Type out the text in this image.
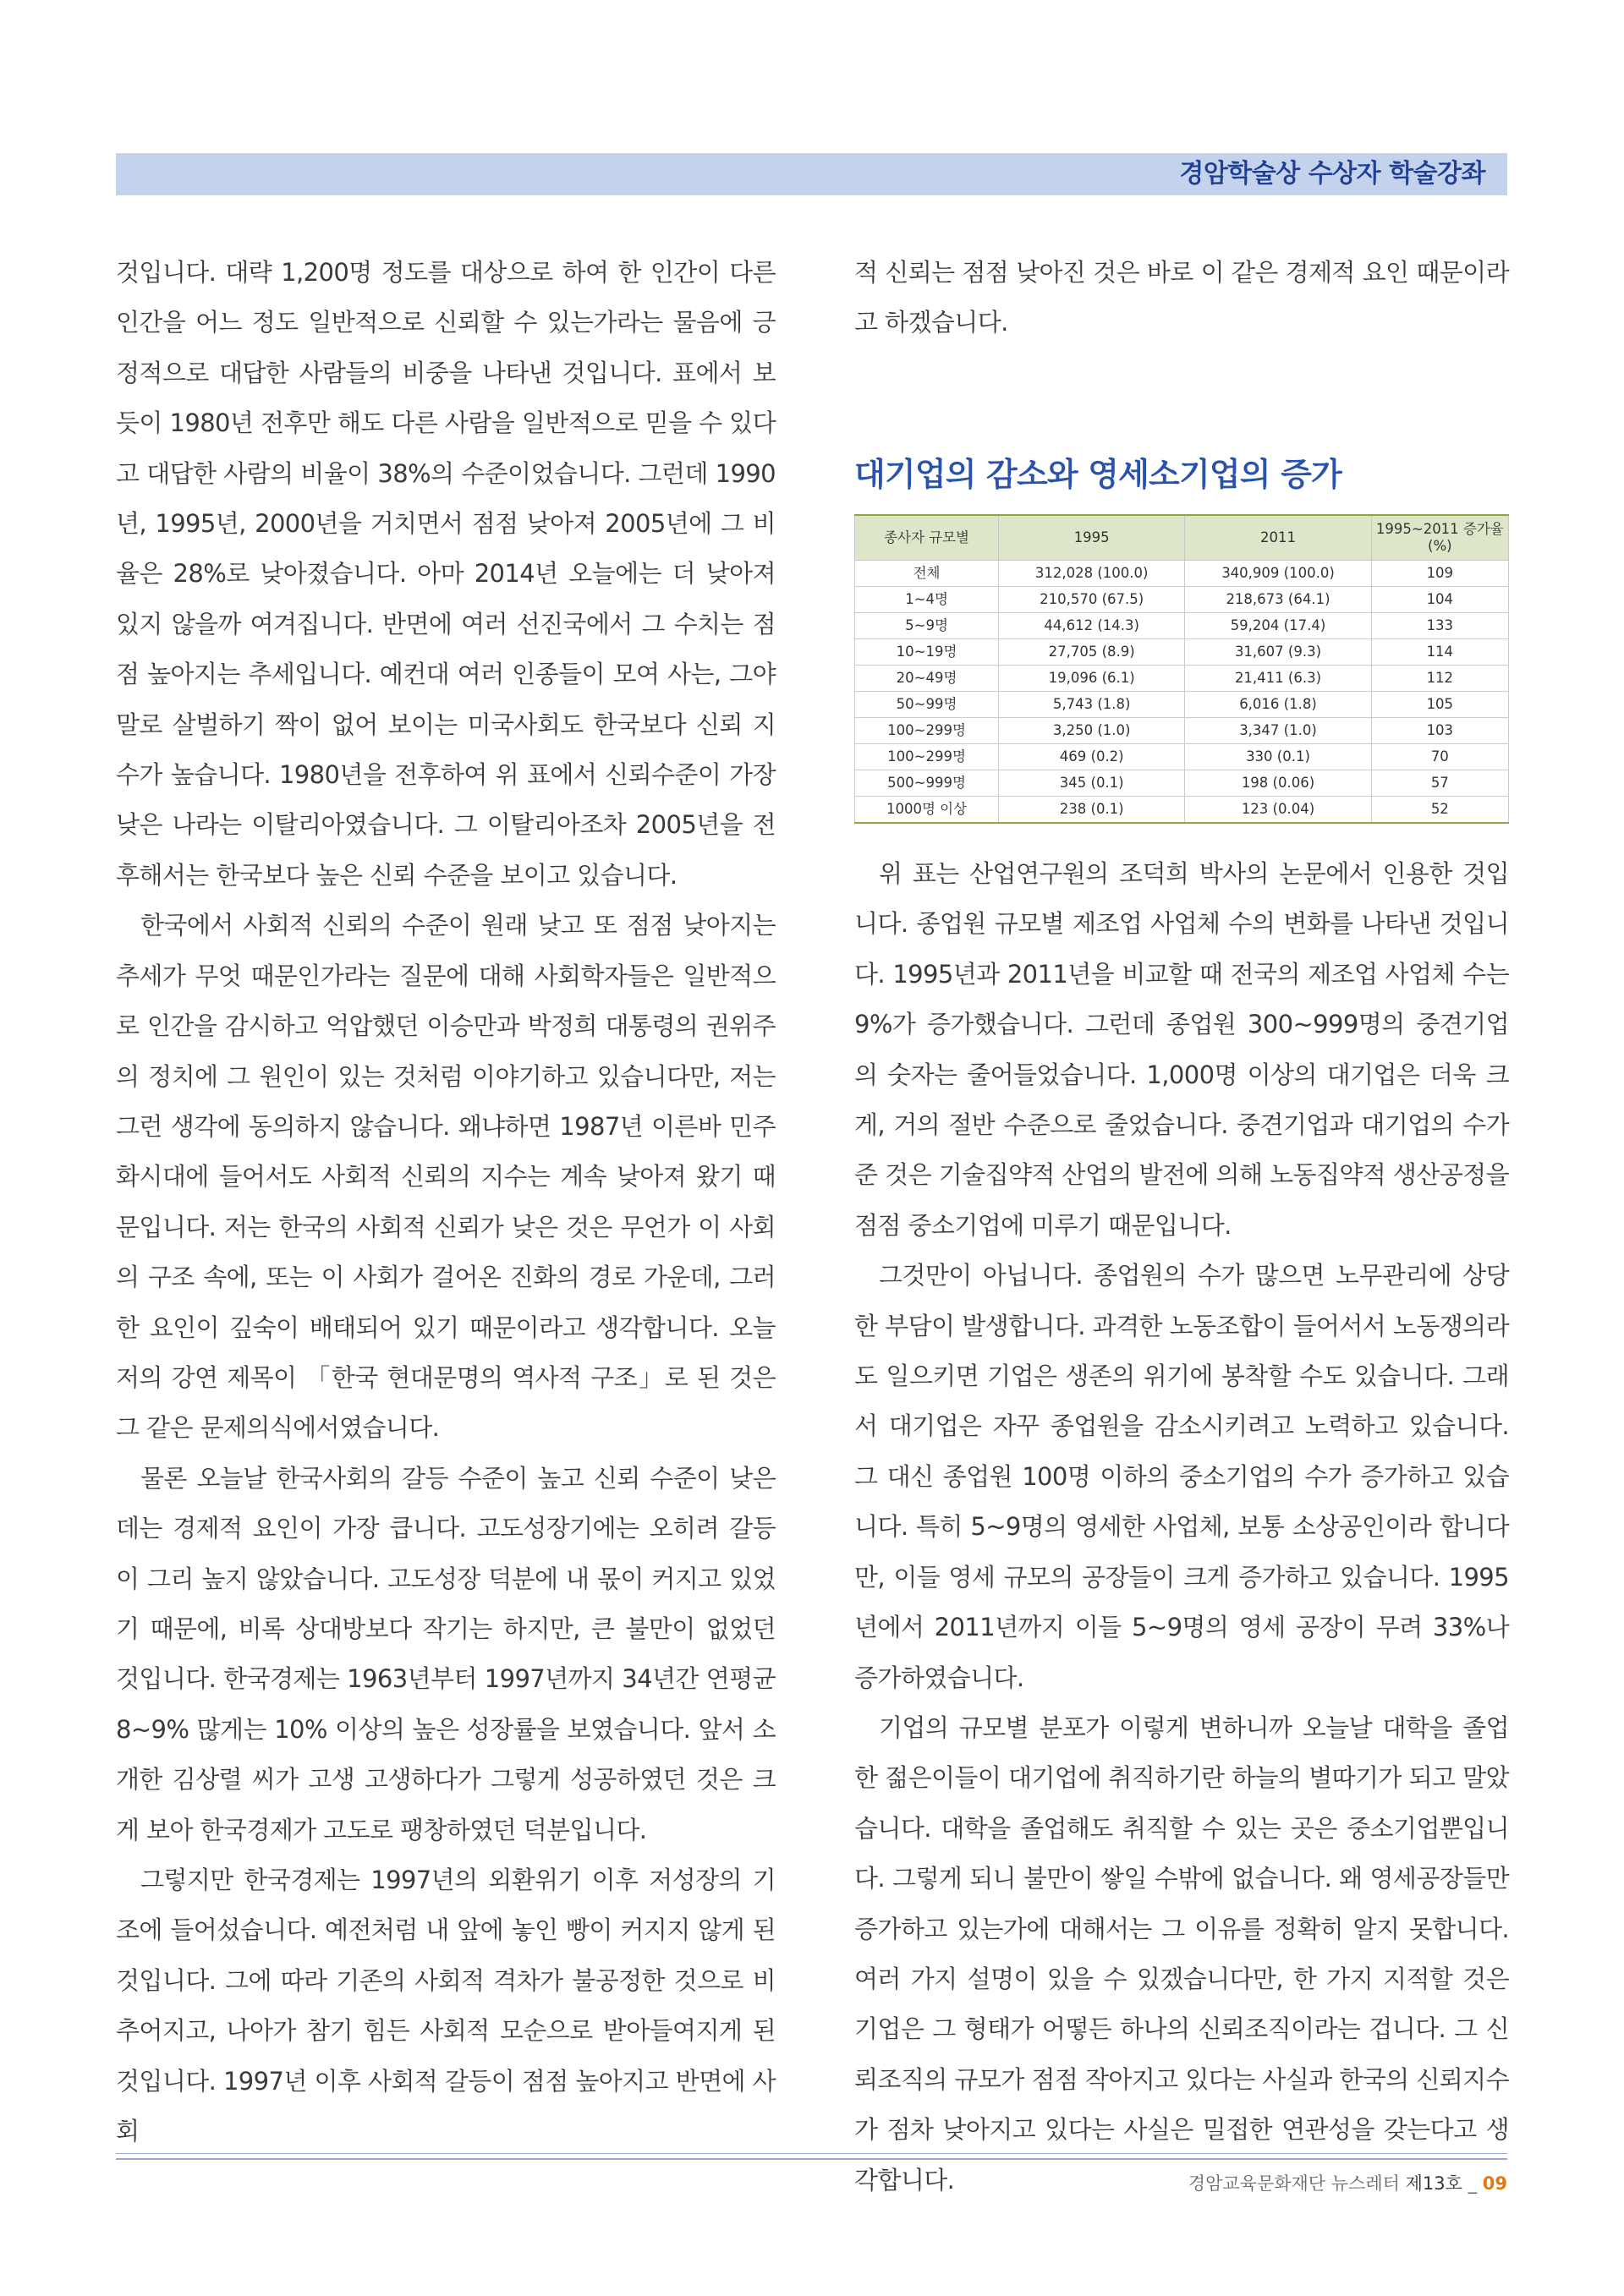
경암학술상 수상자 학술강좌

것입니다. 대략 1,200명 정도를 대상으로 하여 한 인간이 다른 인간을 어느 정도 일반적으로 신뢰할 수 있는가라는 물음에 긍정적으로 대답한 사람들의 비중을 나타낸 것입니다. 표에서 보듯이 1980년 전후만 해도 다른 사람을 일반적으로 믿을 수 있다고 대답한 사람의 비율이 38%의 수준이었습니다. 그런데 1990년, 1995년, 2000년을 거치면서 점점 낮아져 2005년에 그 비율은 28%로 낮아졌습니다. 아마 2014년 오늘에는 더 낮아져 있지 않을까 여겨집니다. 반면에 여러 선진국에서 그 수치는 점점 높아지는 추세입니다. 예컨대 여러 인종들이 모여 사는, 그야말로 살벌하기 짝이 없어 보이는 미국사회도 한국보다 신뢰 지수가 높습니다. 1980년을 전후하여 위 표에서 신뢰수준이 가장 낮은 나라는 이탈리아였습니다. 그 이탈리아조차 2005년을 전후해서는 한국보다 높은 신뢰 수준을 보이고 있습니다.

한국에서 사회적 신뢰의 수준이 원래 낮고 또 점점 낮아지는 추세가 무엇 때문인가라는 질문에 대해 사회학자들은 일반적으로 인간을 감시하고 억압했던 이승만과 박정희 대통령의 권위주의 정치에 그 원인이 있는 것처럼 이야기하고 있습니다만, 저는 그런 생각에 동의하지 않습니다. 왜냐하면 1987년 이른바 민주화시대에 들어서도 사회적 신뢰의 지수는 계속 낮아져 왔기 때문입니다. 저는 한국의 사회적 신뢰가 낮은 것은 무언가 이 사회의 구조 속에, 또는 이 사회가 걸어온 진화의 경로 가운데, 그러한 요인이 깊숙이 배태되어 있기 때문이라고 생각합니다. 오늘 저의 강연 제목이 「한국 현대문명의 역사적 구조」로 된 것은 그 같은 문제의식에서였습니다.

물론 오늘날 한국사회의 갈등 수준이 높고 신뢰 수준이 낮은 데는 경제적 요인이 가장 큽니다. 고도성장기에는 오히려 갈등이 그리 높지 않았습니다. 고도성장 덕분에 내 몫이 커지고 있었기 때문에, 비록 상대방보다 작기는 하지만, 큰 불만이 없었던 것입니다. 한국경제는 1963년부터 1997년까지 34년간 연평균 8~9% 많게는 10% 이상의 높은 성장률을 보였습니다. 앞서 소개한 김상렬 씨가 고생 고생하다가 그렇게 성공하였던 것은 크게 보아 한국경제가 고도로 팽창하였던 덕분입니다.

그렇지만 한국경제는 1997년의 외환위기 이후 저성장의 기조에 들어섰습니다. 예전처럼 내 앞에 놓인 빵이 커지지 않게 된 것입니다. 그에 따라 기존의 사회적 격차가 불공정한 것으로 비추어지고, 나아가 참기 힘든 사회적 모순으로 받아들여지게 된 것입니다. 1997년 이후 사회적 갈등이 점점 높아지고 반면에 사회

적 신뢰는 점점 낮아진 것은 바로 이 같은 경제적 요인 때문이라고 하겠습니다.

대기업의 감소와 영세소기업의 증가
종사자 규모별	1995	2011	1995~2011 증가율(%)
전체	312,028 (100.0)	340,909 (100.0)	109
1~4명	210,570 (67.5)	218,673 (64.1)	104
5~9명	44,612 (14.3)	59,204 (17.4)	133
10~19명	27,705 (8.9)	31,607 (9.3)	114
20~49명	19,096 (6.1)	21,411 (6.3)	112
50~99명	5,743 (1.8)	6,016 (1.8)	105
100~299명	3,250 (1.0)	3,347 (1.0)	103
100~299명	469 (0.2)	330 (0.1)	70
500~999명	345 (0.1)	198 (0.06)	57
1000명 이상	238 (0.1)	123 (0.04)	52

위 표는 산업연구원의 조덕희 박사의 논문에서 인용한 것입니다. 종업원 규모별 제조업 사업체 수의 변화를 나타낸 것입니다. 1995년과 2011년을 비교할 때 전국의 제조업 사업체 수는 9%가 증가했습니다. 그런데 종업원 300~999명의 중견기업의 숫자는 줄어들었습니다. 1,000명 이상의 대기업은 더욱 크게, 거의 절반 수준으로 줄었습니다. 중견기업과 대기업의 수가 준 것은 기술집약적 산업의 발전에 의해 노동집약적 생산공정을 점점 중소기업에 미루기 때문입니다.

그것만이 아닙니다. 종업원의 수가 많으면 노무관리에 상당한 부담이 발생합니다. 과격한 노동조합이 들어서서 노동쟁의라도 일으키면 기업은 생존의 위기에 봉착할 수도 있습니다. 그래서 대기업은 자꾸 종업원을 감소시키려고 노력하고 있습니다. 그 대신 종업원 100명 이하의 중소기업의 수가 증가하고 있습니다. 특히 5~9명의 영세한 사업체, 보통 소상공인이라 합니다만, 이들 영세 규모의 공장들이 크게 증가하고 있습니다. 1995년에서 2011년까지 이들 5~9명의 영세 공장이 무려 33%나 증가하였습니다.

기업의 규모별 분포가 이렇게 변하니까 오늘날 대학을 졸업한 젊은이들이 대기업에 취직하기란 하늘의 별따기가 되고 말았습니다. 대학을 졸업해도 취직할 수 있는 곳은 중소기업뿐입니다. 그렇게 되니 불만이 쌓일 수밖에 없습니다. 왜 영세공장들만 증가하고 있는가에 대해서는 그 이유를 정확히 알지 못합니다. 여러 가지 설명이 있을 수 있겠습니다만, 한 가지 지적할 것은 기업은 그 형태가 어떻든 하나의 신뢰조직이라는 겁니다. 그 신뢰조직의 규모가 점점 작아지고 있다는 사실과 한국의 신뢰지수가 점차 낮아지고 있다는 사실은 밀접한 연관성을 갖는다고 생각합니다.	경암교육문화재단 뉴스레터 제13호 _ 09
